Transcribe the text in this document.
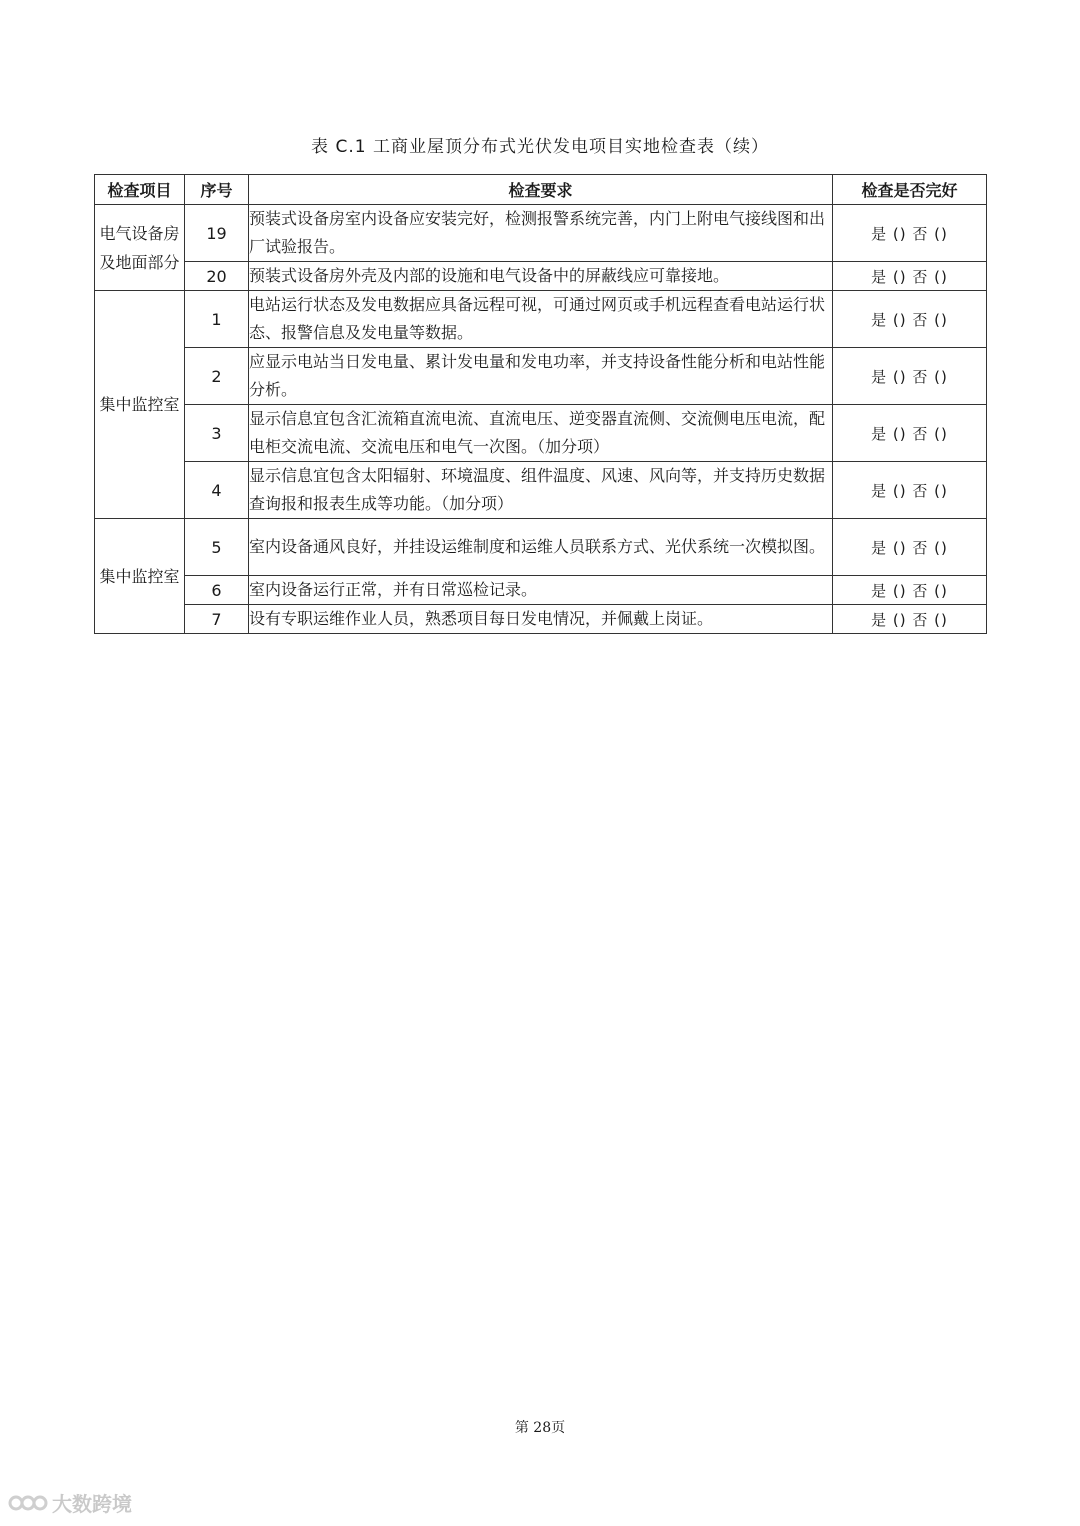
表 C.1 工商业屋顶分布式光伏发电项目实地检查表（续）
检查项目	序号	检查要求	检查是否完好
电气设备房及地面部分	19	预装式设备房室内设备应安装完好，检测报警系统完善，内门上附电气接线图和出厂试验报告。	是 () 否 ()
	20	预装式设备房外壳及内部的设施和电气设备中的屏蔽线应可靠接地。	是 () 否 ()
集中监控室	1	电站运行状态及发电数据应具备远程可视，可通过网页或手机远程查看电站运行状态、报警信息及发电量等数据。	是 () 否 ()
	2	应显示电站当日发电量、累计发电量和发电功率，并支持设备性能分析和电站性能分析。	是 () 否 ()
	3	显示信息宜包含汇流箱直流电流、直流电压、逆变器直流侧、交流侧电压电流，配电柜交流电流、交流电压和电气一次图。（加分项）	是 () 否 ()
	4	显示信息宜包含太阳辐射、环境温度、组件温度、风速、风向等，并支持历史数据查询报和报表生成等功能。（加分项）	是 () 否 ()
集中监控室	5	室内设备通风良好，并挂设运维制度和运维人员联系方式、光伏系统一次模拟图。	是 () 否 ()
	6	室内设备运行正常，并有日常巡检记录。	是 () 否 ()
	7	设有专职运维作业人员，熟悉项目每日发电情况，并佩戴上岗证。	是 () 否 ()
第 28页
大数跨境
